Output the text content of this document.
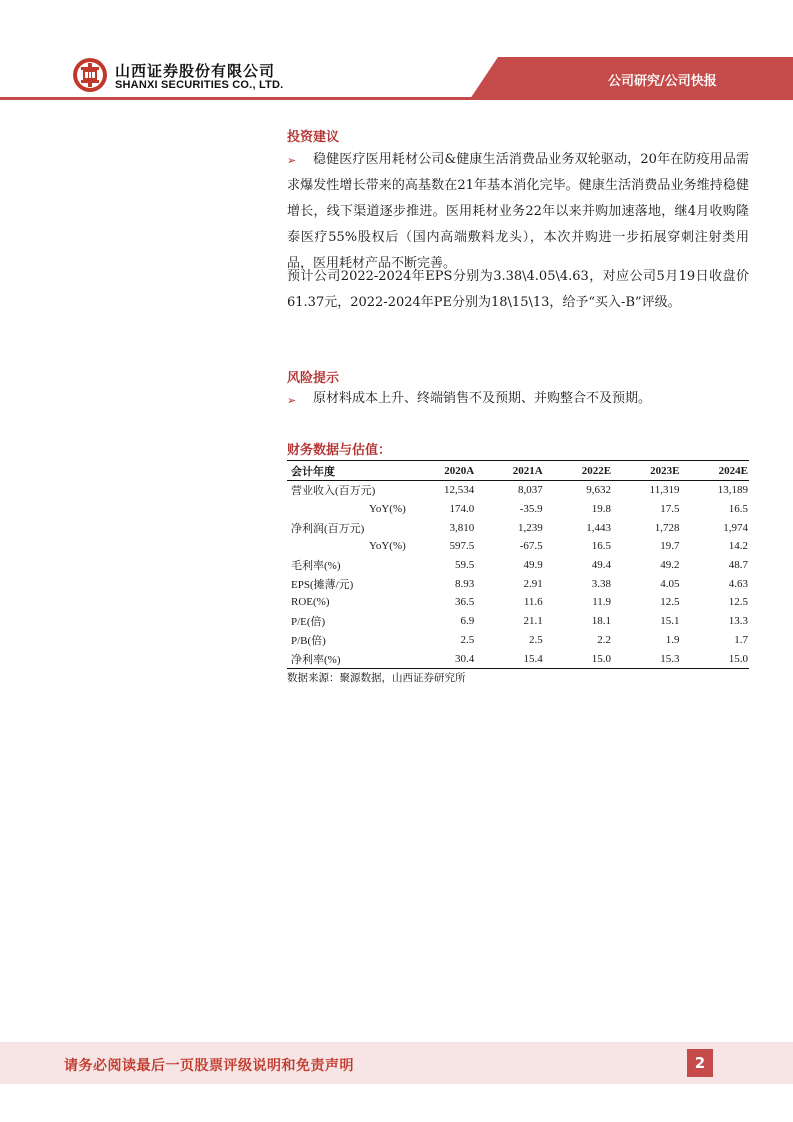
山西证券股份有限公司
SHANXI SECURITIES CO., LTD.	公司研究/公司快报
投资建议
➢	稳健医疗医用耗材公司&健康生活消费品业务双轮驱动，20年在防疫用品需求爆发性增长带来的高基数在21年基本消化完毕。健康生活消费品业务维持稳健增长，线下渠道逐步推进。医用耗材业务22年以来并购加速落地，继4月收购隆泰医疗55%股权后（国内高端敷料龙头），本次并购进一步拓展穿刺注射类用品，医用耗材产品不断完善。
预计公司2022-2024年EPS分别为3.38\4.05\4.63，对应公司5月19日收盘价61.37元，2022-2024年PE分别为18\15\13，给予“买入-B”评级。
风险提示
➢	原材料成本上升、终端销售不及预期、并购整合不及预期。
财务数据与估值：
会计年度	2020A	2021A	2022E	2023E	2024E
营业收入(百万元)	12,534	8,037	9,632	11,319	13,189
YoY(%)	174.0	-35.9	19.8	17.5	16.5
净利润(百万元)	3,810	1,239	1,443	1,728	1,974
YoY(%)	597.5	-67.5	16.5	19.7	14.2
毛利率(%)	59.5	49.9	49.4	49.2	48.7
EPS(摊薄/元)	8.93	2.91	3.38	4.05	4.63
ROE(%)	36.5	11.6	11.9	12.5	12.5
P/E(倍)	6.9	21.1	18.1	15.1	13.3
P/B(倍)	2.5	2.5	2.2	1.9	1.7
净利率(%)	30.4	15.4	15.0	15.3	15.0
数据来源：聚源数据，山西证券研究所
请务必阅读最后一页股票评级说明和免责声明	2
